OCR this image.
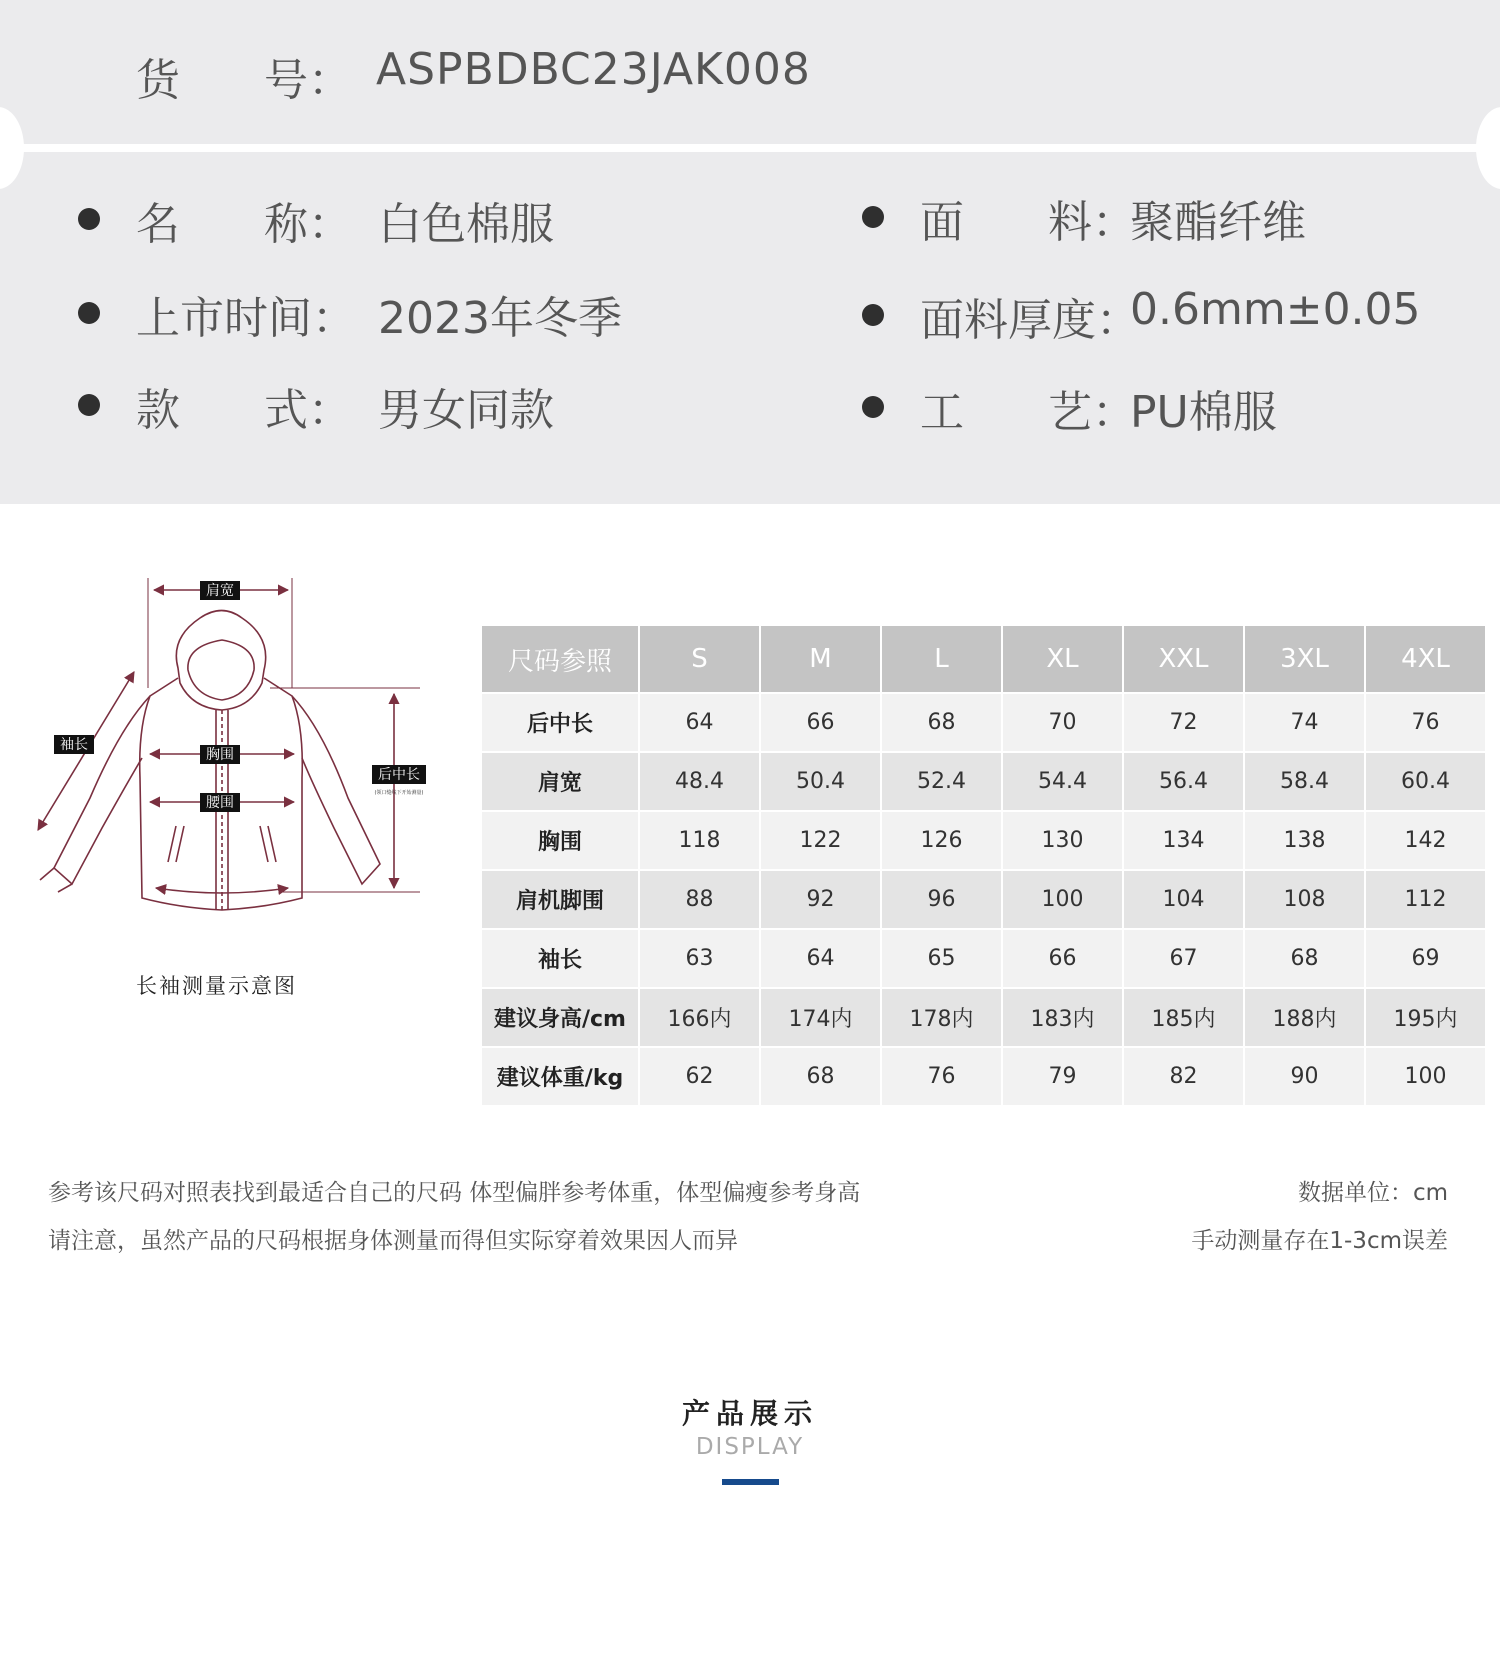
货 号： ASPBDBC23JAK008
名 称： 白色棉服
上市时间： 2023年冬季
款 式： 男女同款
面 料：
聚酯纤维
面料厚度：
0.6mm±0.05
工 艺：
PU棉服
肩宽
袖长
胸围
腰围
后中长
(领口缝线下开始测量)
长袖测量示意图
尺码参照	S	M	L	XL	XXL	3XL	4XL
后中长	64	66	68	70	72	74	76
肩宽	48.4	50.4	52.4	54.4	56.4	58.4	60.4
胸围	118	122	126	130	134	138	142
肩机脚围	88	92	96	100	104	108	112
袖长	63	64	65	66	67	68	69
建议身高/cm	166内	174内	178内	183内	185内	188内	195内
建议体重/kg	62	68	76	79	82	90	100
参考该尺码对照表找到最适合自己的尺码 体型偏胖参考体重，体型偏瘦参考身高
请注意，虽然产品的尺码根据身体测量而得但实际穿着效果因人而异
数据单位：cm
手动测量存在1-3cm误差
产品展示
DISPLAY
